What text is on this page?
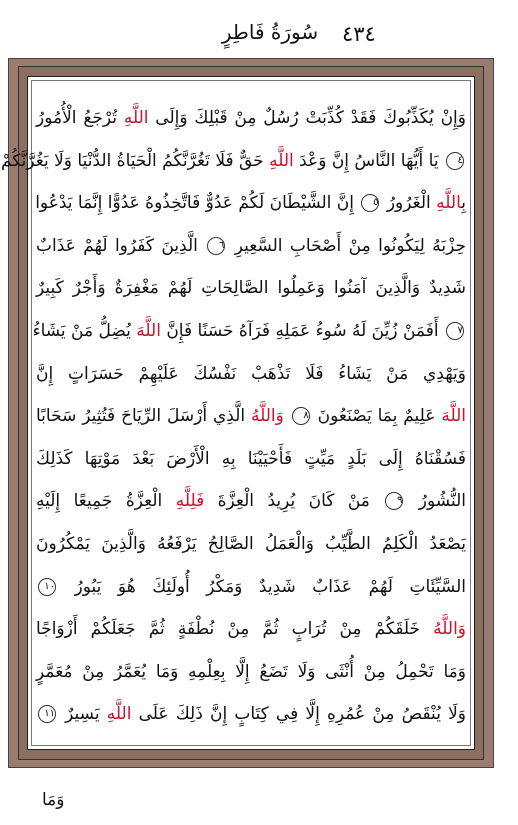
٤٣٤
سُورَةُ فَاطِرٍ
وَإِنْ يُكَذِّبُوكَ فَقَدْ كُذِّبَتْ رُسُلٌ مِنْ قَبْلِكَ وَإِلَى اللَّهِ تُرْجَعُ الْأُمُورُ
٤ يَا أَيُّهَا النَّاسُ إِنَّ وَعْدَ اللَّهِ حَقٌّ فَلَا تَغُرَّنَّكُمُ الْحَيَاةُ الدُّنْيَا وَلَا يَغُرَّنَّكُمْ
بِاللَّهِ الْغَرُورُ ٥ إِنَّ الشَّيْطَانَ لَكُمْ عَدُوٌّ فَاتَّخِذُوهُ عَدُوًّا إِنَّمَا يَدْعُوا
حِزْبَهُ لِيَكُونُوا مِنْ أَصْحَابِ السَّعِيرِ ٦ الَّذِينَ كَفَرُوا لَهُمْ عَذَابٌ
شَدِيدٌ وَالَّذِينَ آمَنُوا وَعَمِلُوا الصَّالِحَاتِ لَهُمْ مَغْفِرَةٌ وَأَجْرٌ كَبِيرٌ
٧ أَفَمَنْ زُيِّنَ لَهُ سُوءُ عَمَلِهِ فَرَآهُ حَسَنًا فَإِنَّ اللَّهَ يُضِلُّ مَنْ يَشَاءُ
وَيَهْدِي مَنْ يَشَاءُ فَلَا تَذْهَبْ نَفْسُكَ عَلَيْهِمْ حَسَرَاتٍ إِنَّ
اللَّهَ عَلِيمٌ بِمَا يَصْنَعُونَ ٨ وَاللَّهُ الَّذِي أَرْسَلَ الرِّيَاحَ فَتُثِيرُ سَحَابًا
فَسُقْنَاهُ إِلَى بَلَدٍ مَيِّتٍ فَأَحْيَيْنَا بِهِ الْأَرْضَ بَعْدَ مَوْتِهَا كَذَلِكَ
النُّشُورُ ٩ مَنْ كَانَ يُرِيدُ الْعِزَّةَ فَلِلَّهِ الْعِزَّةُ جَمِيعًا إِلَيْهِ
يَصْعَدُ الْكَلِمُ الطَّيِّبُ وَالْعَمَلُ الصَّالِحُ يَرْفَعُهُ وَالَّذِينَ يَمْكُرُونَ
السَّيِّئَاتِ لَهُمْ عَذَابٌ شَدِيدٌ وَمَكْرُ أُولَئِكَ هُوَ يَبُورُ ١٠
وَاللَّهُ خَلَقَكُمْ مِنْ تُرَابٍ ثُمَّ مِنْ نُطْفَةٍ ثُمَّ جَعَلَكُمْ أَزْوَاجًا
وَمَا تَحْمِلُ مِنْ أُنْثَى وَلَا تَضَعُ إِلَّا بِعِلْمِهِ وَمَا يُعَمَّرُ مِنْ مُعَمَّرٍ
وَلَا يُنْقَصُ مِنْ عُمُرِهِ إِلَّا فِي كِتَابٍ إِنَّ ذَلِكَ عَلَى اللَّهِ يَسِيرٌ ١١
وَمَا
